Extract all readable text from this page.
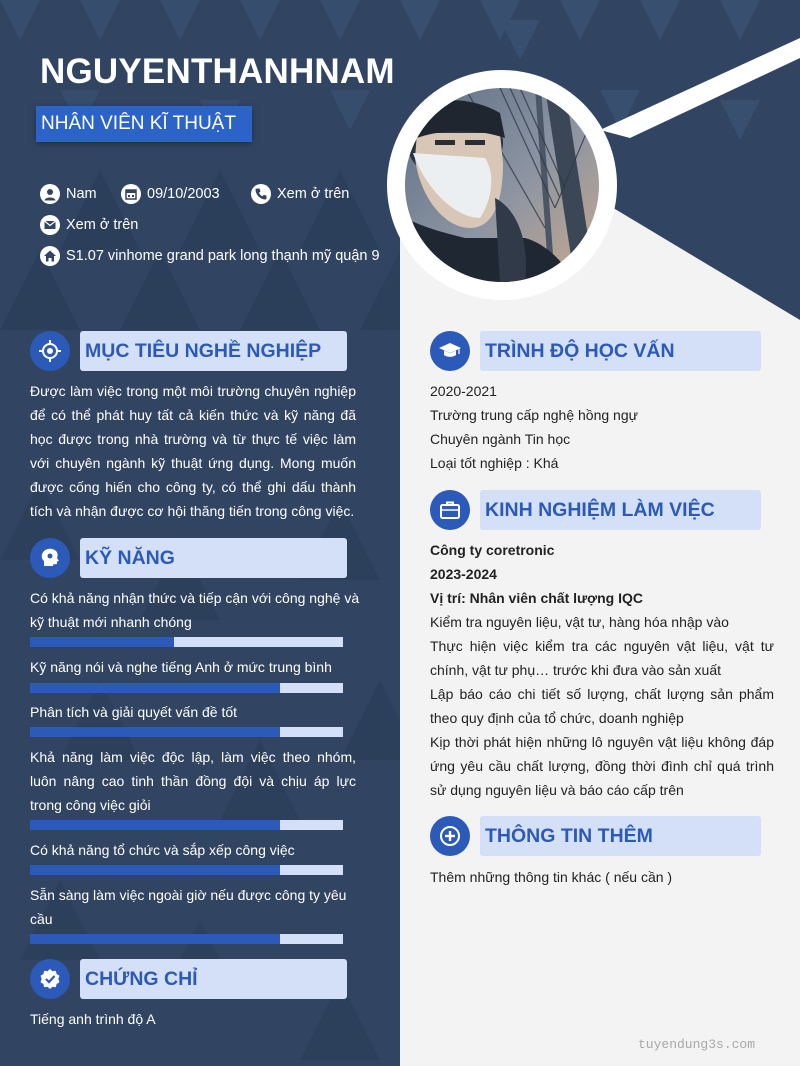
NGUYENTHANHNAM
NHÂN VIÊN KĨ THUẬT
Nam	09/10/2003	Xem ở trên
Xem ở trên
S1.07 vinhome grand park long thạnh mỹ quận 9
MỤC TIÊU NGHỀ NGHIỆP
Được làm việc trong một môi trường chuyên nghiệp để có thể phát huy tất cả kiến thức và kỹ năng đã học được trong nhà trường và từ thực tế việc làm với chuyên ngành kỹ thuật ứng dụng. Mong muốn được cống hiến cho công ty, có thể ghi dấu thành tích và nhận được cơ hội thăng tiến trong công việc.
KỸ NĂNG
Có khả năng nhận thức và tiếp cận với công nghệ và kỹ thuật mới nhanh chóng
Kỹ năng nói và nghe tiếng Anh ở mức trung bình
Phân tích và giải quyết vấn đề tốt
Khả năng làm việc độc lập, làm việc theo nhóm, luôn nâng cao tinh thần đồng đội và chịu áp lực trong công việc giỏi
Có khả năng tổ chức và sắp xếp công việc
Sẵn sàng làm việc ngoài giờ nếu được công ty yêu cầu
CHỨNG CHỈ
Tiếng anh trình độ A
TRÌNH ĐỘ HỌC VẤN
2020-2021
Trường trung cấp nghệ hồng ngự
Chuyên ngành Tin học
Loại tốt nghiệp : Khá
KINH NGHIỆM LÀM VIỆC
Công ty coretronic
2023-2024
Vị trí: Nhân viên chất lượng IQC
Kiểm tra nguyên liệu, vật tư, hàng hóa nhập vào
Thực hiện việc kiểm tra các nguyên vật liệu, vật tư chính, vật tư phụ… trước khi đưa vào sản xuất
Lập báo cáo chi tiết số lượng, chất lượng sản phẩm theo quy định của tổ chức, doanh nghiệp
Kịp thời phát hiện những lô nguyên vật liệu không đáp ứng yêu cầu chất lượng, đồng thời đình chỉ quá trình sử dụng nguyên liệu và báo cáo cấp trên
THÔNG TIN THÊM
Thêm những thông tin khác ( nếu cần )
tuyendung3s.com
